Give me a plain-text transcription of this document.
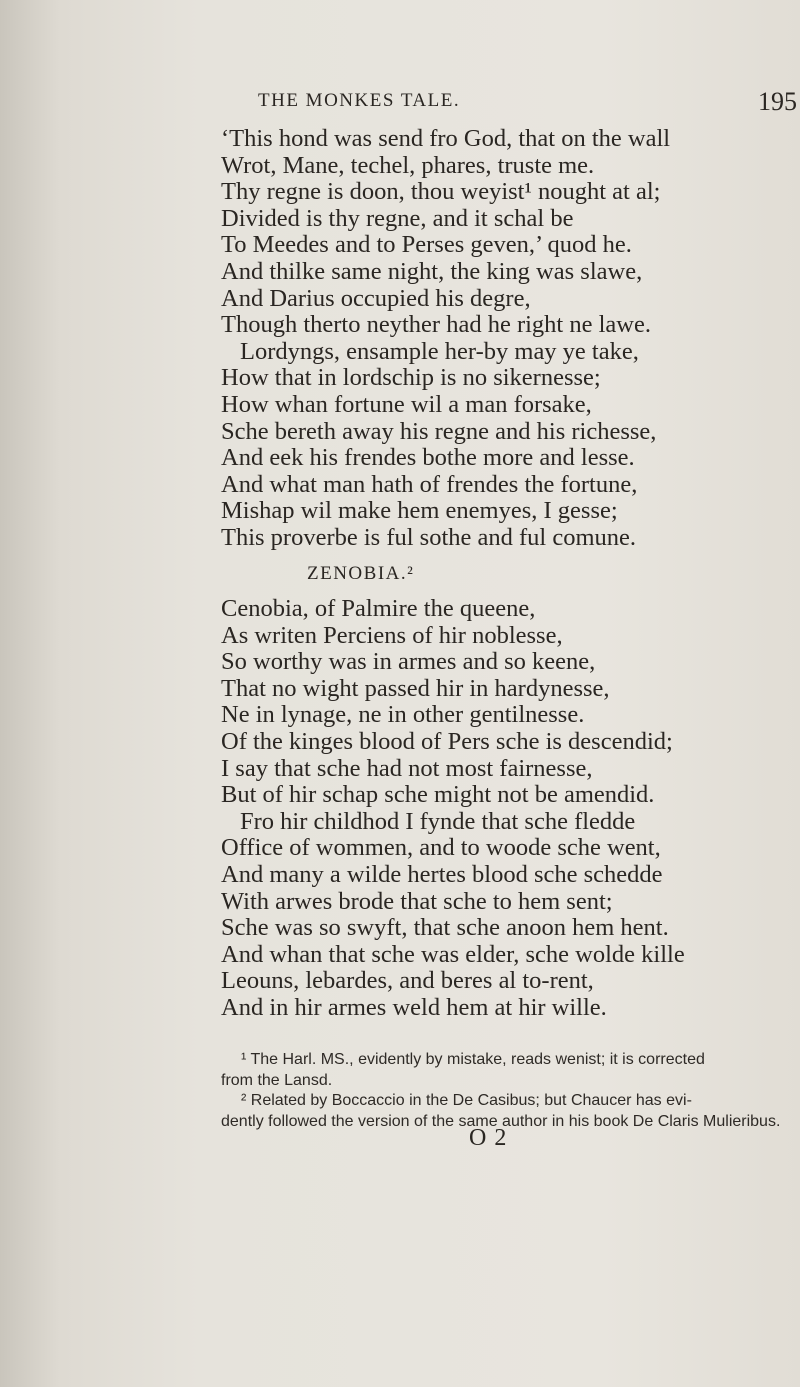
THE MONKES TALE.	195
‘This hond was send fro God, that on the wall
Wrot, Mane, techel, phares, truste me.
Thy regne is doon, thou weyist¹ nought at al;
Divided is thy regne, and it schal be
To Meedes and to Perses geven,’ quod he.
And thilke same night, the king was slawe,
And Darius occupied his degre,
Though therto neyther had he right ne lawe.
Lordyngs, ensample her-by may ye take,
How that in lordschip is no sikernesse;
How whan fortune wil a man forsake,
Sche bereth away his regne and his richesse,
And eek his frendes bothe more and lesse.
And what man hath of frendes the fortune,
Mishap wil make hem enemyes, I gesse;
This proverbe is ful sothe and ful comune.
ZENOBIA.²
Cenobia, of Palmire the queene,
As writen Perciens of hir noblesse,
So worthy was in armes and so keene,
That no wight passed hir in hardynesse,
Ne in lynage, ne in other gentilnesse.
Of the kinges blood of Pers sche is descendid;
I say that sche had not most fairnesse,
But of hir schap sche might not be amendid.
Fro hir childhod I fynde that sche fledde
Office of wommen, and to woode sche went,
And many a wilde hertes blood sche schedde
With arwes brode that sche to hem sent;
Sche was so swyft, that sche anoon hem hent.
And whan that sche was elder, sche wolde kille
Leouns, lebardes, and beres al to-rent,
And in hir armes weld hem at hir wille.
¹ The Harl. MS., evidently by mistake, reads wenist; it is corrected
from the Lansd.
² Related by Boccaccio in the De Casibus; but Chaucer has evi-
dently followed the version of the same author in his book De Claris Mulieribus.
O 2
